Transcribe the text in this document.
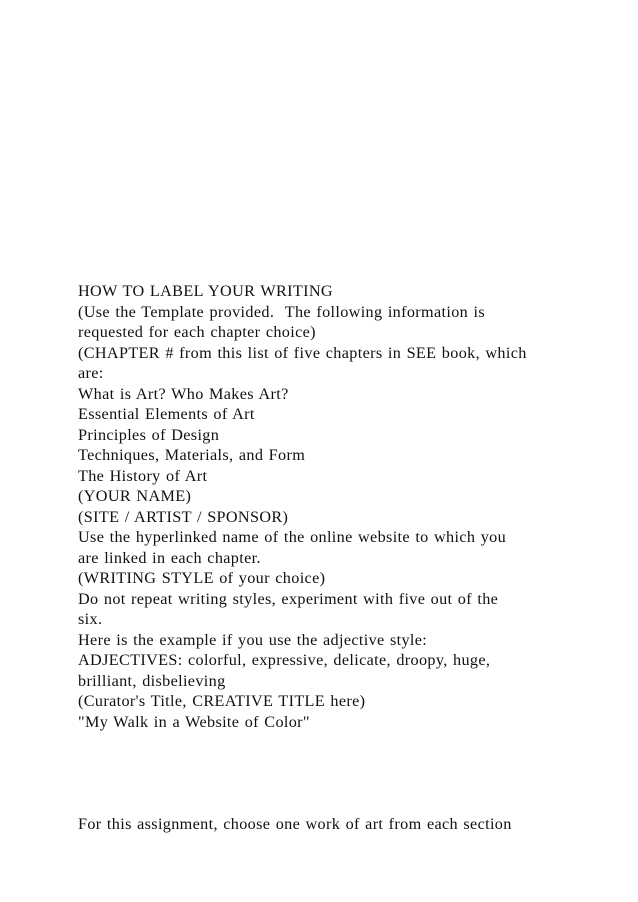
HOW TO LABEL YOUR WRITING
(Use the Template provided.  The following information is
requested for each chapter choice)
(CHAPTER # from this list of five chapters in SEE book, which
are:
What is Art? Who Makes Art?
Essential Elements of Art
Principles of Design
Techniques, Materials, and Form
The History of Art
(YOUR NAME)
(SITE / ARTIST / SPONSOR)
Use the hyperlinked name of the online website to which you
are linked in each chapter.
(WRITING STYLE of your choice)
Do not repeat writing styles, experiment with five out of the
six.
Here is the example if you use the adjective style:
ADJECTIVES: colorful, expressive, delicate, droopy, huge,
brilliant, disbelieving
(Curator's Title, CREATIVE TITLE here)
"My Walk in a Website of Color"
For this assignment, choose one work of art from each section
